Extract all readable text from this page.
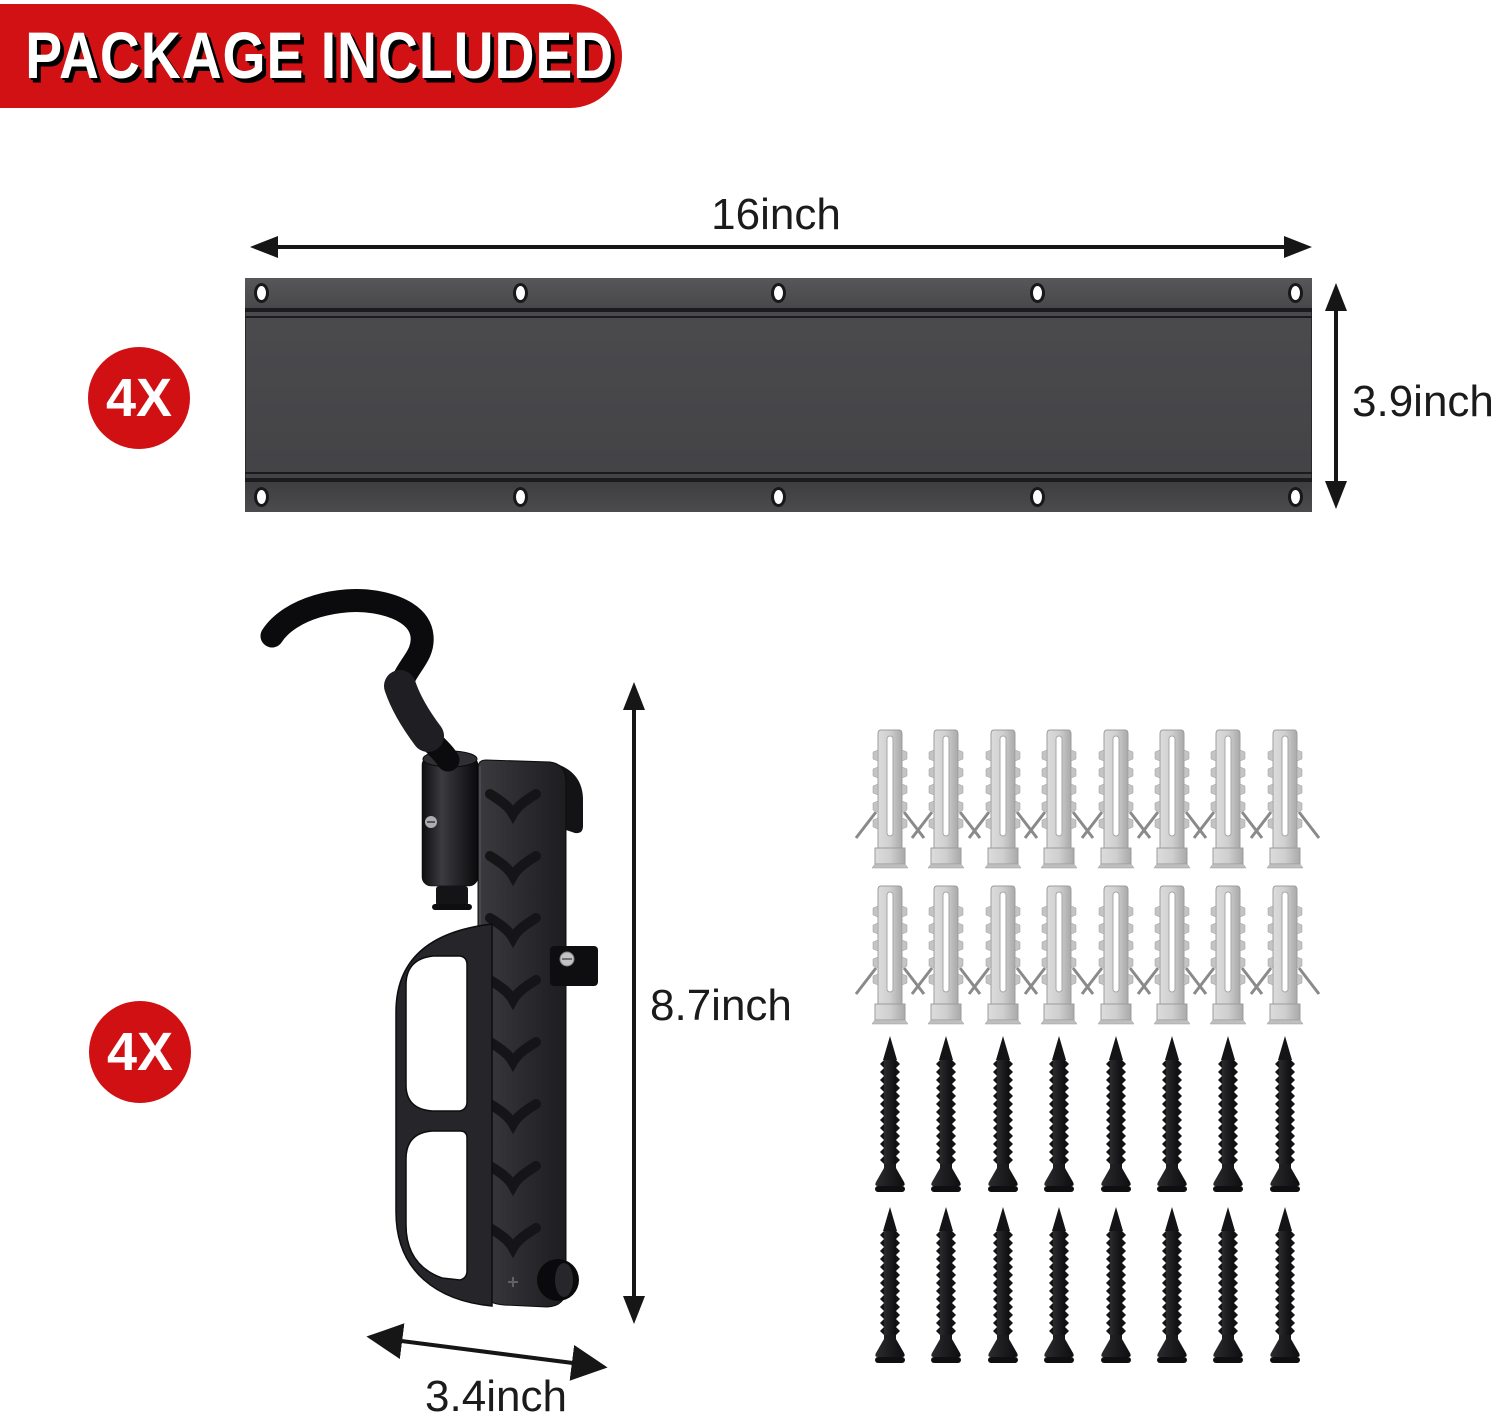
PACKAGE INCLUDED
4X
16inch
3.9inch
4X
8.7inch
3.4inch
